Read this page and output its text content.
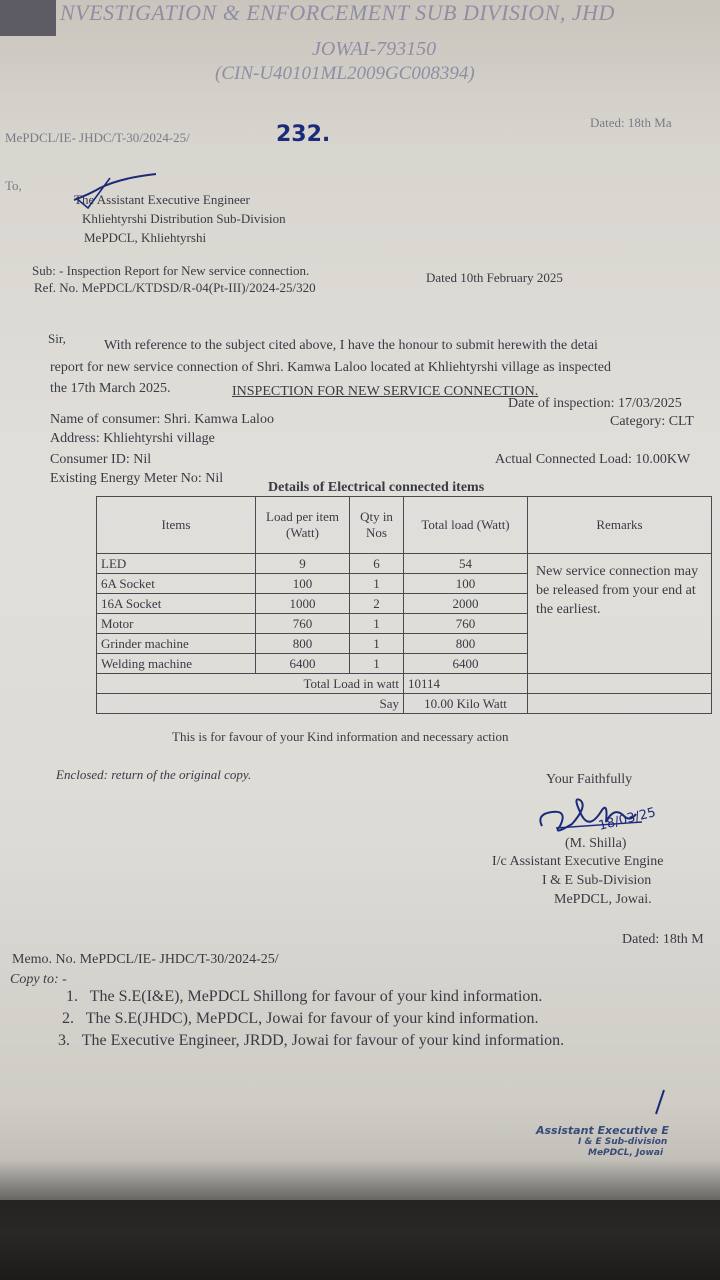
NVESTIGATION & ENFORCEMENT SUB DIVISION, JHD
JOWAI-793150
(CIN-U40101ML2009GC008394)
MePDCL/IE- JHDC/T-30/2024-25/	232.	Dated: 18th Ma
To,
The Assistant Executive Engineer
Khliehtyrshi Distribution Sub-Division
MePDCL, Khliehtyrshi
Sub: - Inspection Report for New service connection.
Ref. No. MePDCL/KTDSD/R-04(Pt-III)/2024-25/320
Dated 10th February 2025
Sir,	With reference to the subject cited above, I have the honour to submit herewith the detai
report for new service connection of Shri. Kamwa Laloo located at Khliehtyrshi village as inspected
the 17th March 2025.	INSPECTION FOR NEW SERVICE CONNECTION.
Name of consumer: Shri. Kamwa Laloo
Address: Khliehtyrshi village
Consumer ID: Nil
Existing Energy Meter No: Nil
Date of inspection: 17/03/2025
Category: CLT
Actual Connected Load: 10.00KW
Details of Electrical connected items
Items	Load per item (Watt)	Qty in Nos	Total load (Watt)	Remarks
LED	9	6	54	New service connection may be released from your end at the earliest.
6A Socket	100	1	100	
16A Socket	1000	2	2000	
Motor	760	1	760	
Grinder machine	800	1	800	
Welding machine	6400	1	6400	
Total Load in watt			10114	
Say			10.00 Kilo Watt	
This is for favour of your Kind information and necessary action
Enclosed: return of the original copy.	Your Faithfully
18/03/25
(M. Shilla)
I/c Assistant Executive Engine
I & E Sub-Division
MePDCL, Jowai.
Memo. No. MePDCL/IE- JHDC/T-30/2024-25/
Dated: 18th M
Copy to: -
1. The S.E(I&E), MePDCL Shillong for favour of your kind information.
2. The S.E(JHDC), MePDCL, Jowai for favour of your kind information.
3. The Executive Engineer, JRDD, Jowai for favour of your kind information.
Assistant Executive E
I & E Sub-division
MePDCL, Jowai
